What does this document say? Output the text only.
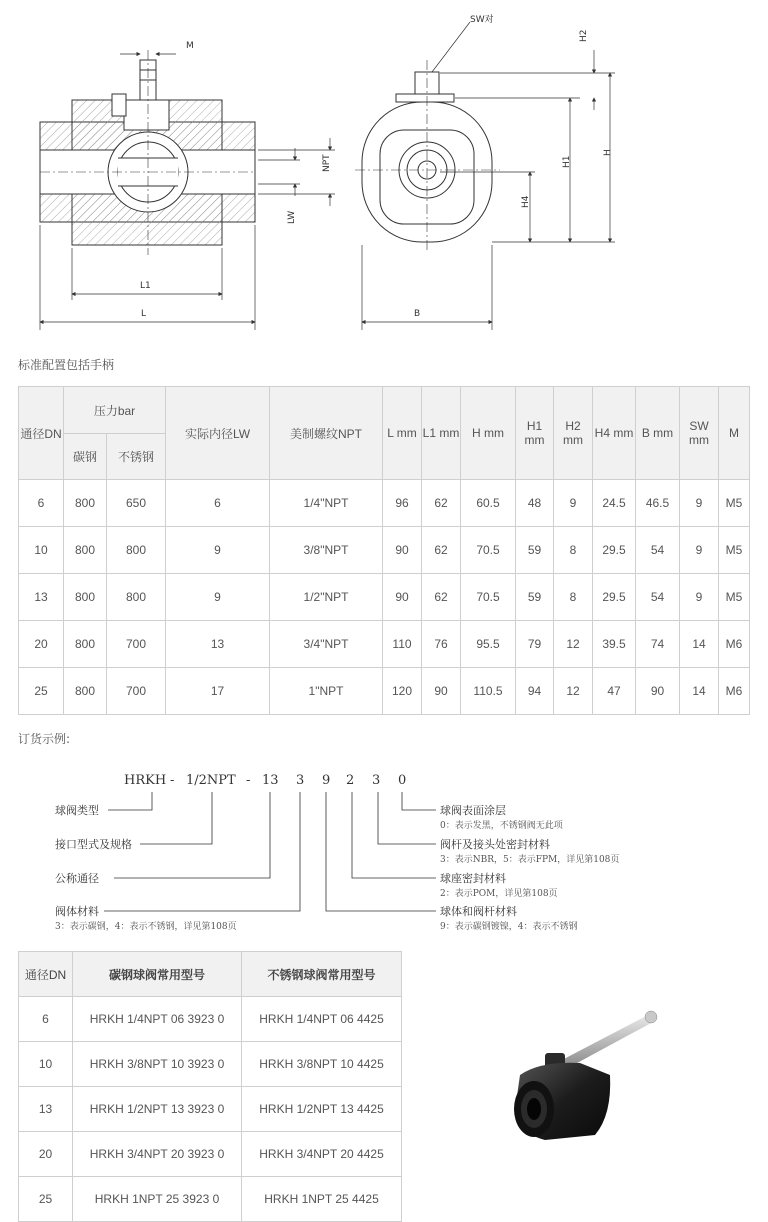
M
L
L1
NPT
LW
SW对
B
H2
H
H1
H4
标准配置包括手柄
通径DN	压力bar		实际内径LW	美制螺纹NPT	L mm	L1 mm	H mm	H1 mm	H2 mm	H4 mm	B mm	SW mm	M
	碳钢	不锈钢											
6	800	650	6	1/4"NPT	96	62	60.5	48	9	24.5	46.5	9	M5
10	800	800	9	3/8"NPT	90	62	70.5	59	8	29.5	54	9	M5
13	800	800	9	1/2"NPT	90	62	70.5	59	8	29.5	54	9	M5
20	800	700	13	3/4"NPT	110	76	95.5	79	12	39.5	74	14	M6
25	800	700	17	1"NPT	120	90	110.5	94	12	47	90	14	M6
订货示例:
HRKH - 1/2NPT - 13 3 9 2 3 0
球阀类型
接口型式及规格
公称通径
阀体材料
球阀表面涂层
阀杆及接头处密封材料
球座密封材料
球体和阀杆材料
3：表示碳钢，4：表示不锈钢，详见第108页
0：表示发黑，不锈钢阀无此项
3：表示NBR，5：表示FPM，详见第108页
2：表示POM，详见第108页
9：表示碳钢镀镍，4：表示不锈钢
通径DN	碳钢球阀常用型号	不锈钢球阀常用型号
6	HRKH 1/4NPT 06 3923 0	HRKH 1/4NPT 06 4425
10	HRKH 3/8NPT 10 3923 0	HRKH 3/8NPT 10 4425
13	HRKH 1/2NPT 13 3923 0	HRKH 1/2NPT 13 4425
20	HRKH 3/4NPT 20 3923 0	HRKH 3/4NPT 20 4425
25	HRKH 1NPT 25 3923 0	HRKH 1NPT 25 4425
